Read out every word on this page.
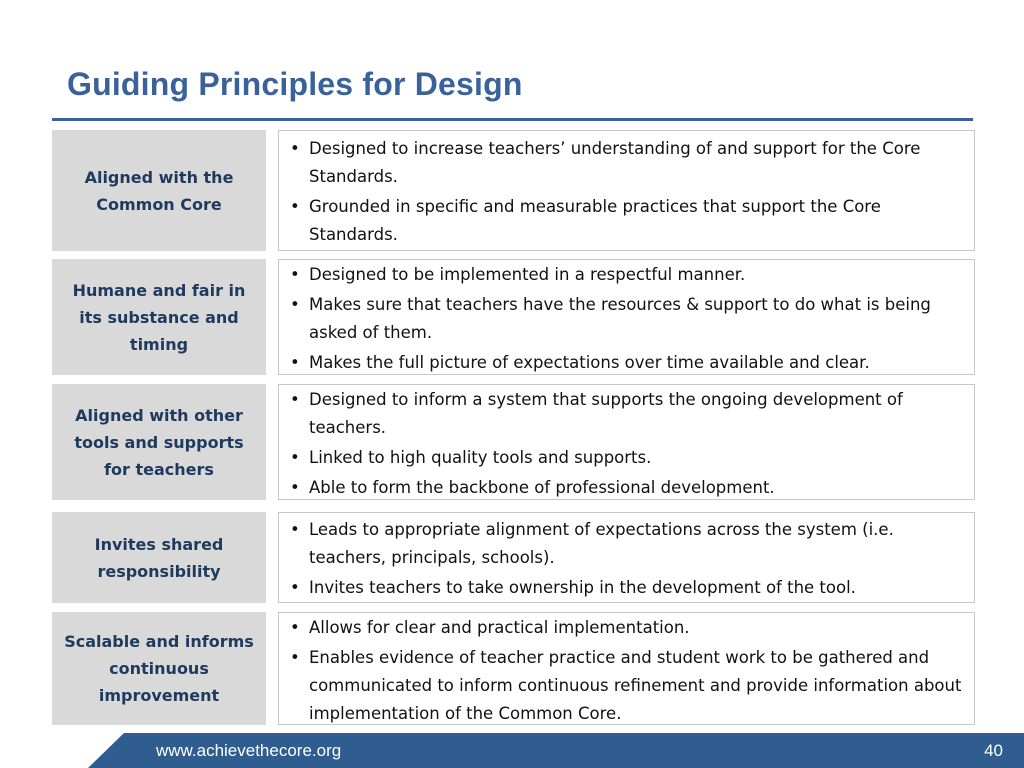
Guiding Principles for Design
Aligned with the Common Core
• Designed to increase teachers’ understanding of and support for the Core Standards.
• Grounded in specific and measurable practices that support the Core Standards.
Humane and fair in its substance and timing
• Designed to be implemented in a respectful manner.
• Makes sure that teachers have the resources & support to do what is being asked of them.
• Makes the full picture of expectations over time available and clear.
Aligned with other tools and supports for teachers
• Designed to inform a system that supports the ongoing development of teachers.
• Linked to high quality tools and supports.
• Able to form the backbone of professional development.
Invites shared responsibility
• Leads to appropriate alignment of expectations across the system (i.e. teachers, principals, schools).
• Invites teachers to take ownership in the development of the tool.
Scalable and informs continuous improvement
• Allows for clear and practical implementation.
• Enables evidence of teacher practice and student work to be gathered and communicated to inform continuous refinement and provide information about implementation of the Common Core.
www.achievethecore.org	40
